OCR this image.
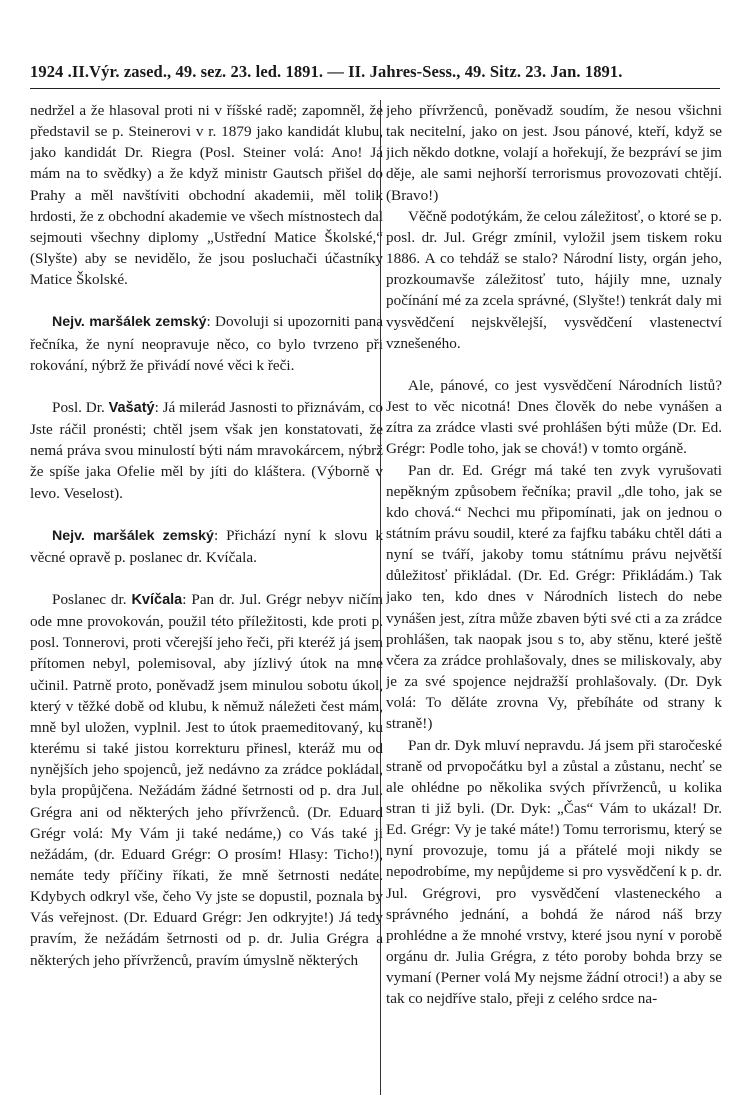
1924 .II.Výr. zased., 49. sez. 23. led. 1891. — II. Jahres-Sess., 49. Sitz. 23. Jan. 1891.

nedržel a že hlasoval proti ni v říšské radě; zapomněl, že představil se p. Steinerovi v r. 1879 jako kandidát klubu, jako kandidát Dr. Riegra (Posl. Steiner volá: Ano! Já mám na to svědky) a že když ministr Gautsch přišel do Prahy a měl navštíviti obchodní akademii, měl tolik hrdosti, že z obchodní akademie ve všech místnostech dal sejmouti všechny diplomy „Ustřední Matice Školské,“ (Slyšte) aby se nevidělo, že jsou posluchači účastníky Matice Školské.

Nejv. maršálek zemský: Dovoluji si upozorniti pana řečníka, že nyní neopravuje něco, co bylo tvrzeno při rokování, nýbrž že přivádí nové věci k řeči.

Posl. Dr. Vašatý: Já milerád Jasnosti to přiznávám, co Jste ráčil pronésti; chtěl jsem však jen konstatovati, že nemá práva svou minulostí býti nám mravokárcem, nýbrž že spíše jaka Ofelie měl by jíti do kláštera. (Výborně v levo. Veselost).

Nejv. maršálek zemský: Přichází nyní k slovu k věcné opravě p. poslanec dr. Kvíčala.

Poslanec dr. Kvíčala: Pan dr. Jul. Grégr nebyv ničím ode mne provokován, použil této příležitosti, kde proti p. posl. Tonnerovi, proti včerejší jeho řeči, při kteréž já jsem přítomen nebyl, polemisoval, aby jízlivý útok na mne učinil. Patrně proto, poněvadž jsem minulou sobotu úkol, který v těžké době od klubu, k němuž náležeti čest mám, mně byl uložen, vyplnil. Jest to útok praemeditovaný, ku kterému si také jistou korrekturu přinesl, kteráž mu od nynějších jeho spojenců, jež nedávno za zrádce pokládal, byla propůjčena. Nežádám žádné šetrnosti od p. dra Jul. Grégra ani od některých jeho přívrženců. (Dr. Eduard Grégr volá: My Vám ji také nedáme,) co Vás také ji nežádám, (dr. Eduard Grégr: O prosím! Hlasy: Ticho!), nemáte tedy příčiny říkati, že mně šetrnosti nedáte. Kdybych odkryl vše, čeho Vy jste se dopustil, poznala by Vás veřejnost. (Dr. Eduard Grégr: Jen odkryjte!) Já tedy pravím, že nežádám šetrnosti od p. dr. Julia Grégra a některých jeho přívrženců, pravím úmyslně některých

jeho přívrženců, poněvadž soudím, že nesou všichni tak necitelní, jako on jest. Jsou pánové, kteří, když se jich někdo dotkne, volají a hořekují, že bezpráví se jim děje, ale sami nejhorší terrorismus provozovati chtějí. (Bravo!)

Věčně podotýkám, že celou záležitosť, o ktoré se p. posl. dr. Jul. Grégr zmínil, vyložil jsem tiskem roku 1886. A co tehdáž se stalo? Národní listy, orgán jeho, prozkoumavše záležitosť tuto, hájily mne, uznaly počínání mé za zcela správné, (Slyšte!) tenkrát daly mi vysvědčení nejskvělejší, vysvědčení vlastenectví vznešeného.

Ale, pánové, co jest vysvědčení Národních listů? Jest to věc nicotná! Dnes člověk do nebe vynášen a zítra za zrádce vlasti své prohlášen býti může (Dr. Ed. Grégr: Podle toho, jak se chová!) v tomto orgáně.

Pan dr. Ed. Grégr má také ten zvyk vyrušovati nepěkným způsobem řečníka; pravil „dle toho, jak se kdo chová.“ Nechci mu připomínati, jak on jednou o státním právu soudil, které za fajfku tabáku chtěl dáti a nyní se tváří, jakoby tomu státnímu právu největší důležitosť přikládal. (Dr. Ed. Grégr: Přikládám.) Tak jako ten, kdo dnes v Národních listech do nebe vynášen jest, zítra může zbaven býti své cti a za zrádce prohlášen, tak naopak jsou s to, aby stěnu, které ještě včera za zrádce prohlašovaly, dnes se miliskovaly, aby je za své spojence nejdražší prohlašovaly. (Dr. Dyk volá: To děláte zrovna Vy, přebíháte od strany k straně!)

Pan dr. Dyk mluví nepravdu. Já jsem při staročeské straně od prvopočátku byl a zůstal a zůstanu, nechť se ale ohlédne po několika svých přívrženců, u kolika stran ti již byli. (Dr. Dyk: „Čas“ Vám to ukázal! Dr. Ed. Grégr: Vy je také máte!) Tomu terrorismu, který se nyní provozuje, tomu já a přátelé moji nikdy se nepodrobíme, my nepůjdeme si pro vysvědčení k p. dr. Jul. Grégrovi, pro vysvědčení vlasteneckého a správného jednání, a bohdá že národ náš brzy prohlédne a že mnohé vrstvy, které jsou nyní v porobě orgánu dr. Julia Grégra, z této poroby bohda brzy se vymaní (Perner volá My nejsme žádní otroci!) a aby se tak co nejdříve stalo, přeji z celého srdce na-
